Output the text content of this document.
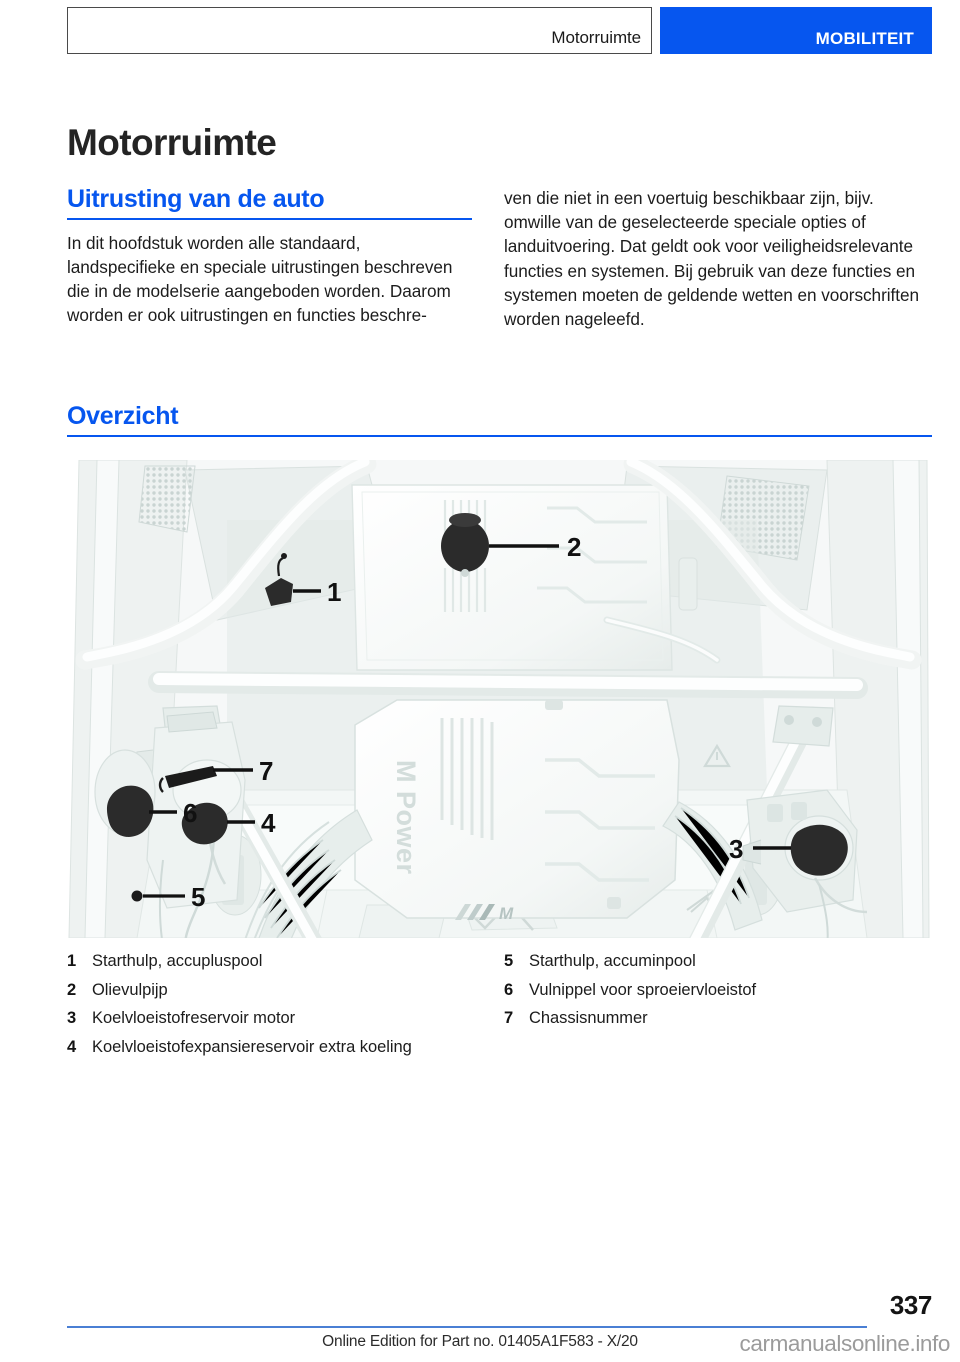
Motorruimte	MOBILITEIT
Motorruimte
Uitrusting van de auto

In dit hoofdstuk worden alle standaard, landspecifieke en speciale uitrustingen beschreven die in de modelserie aangeboden worden. Daarom worden er ook uitrustingen en functies beschre-

ven die niet in een voertuig beschikbaar zijn, bijv. omwille van de geselecteerde speciale opties of landuitvoering. Dat geldt ook voor veiligheidsrelevante functies en systemen. Bij gebruik van deze functies en systemen moeten de geldende wetten en voorschriften worden nageleefd.

Overzicht
M Power
M
2
1
3
4
6
7
5
1 Starthulp, accupluspool
2 Olievulpijp
3 Koelvloeistofreservoir motor
4 Koelvloeistofexpansiereservoir extra koeling
5 Starthulp, accuminpool
6 Vulnippel voor sproeiervloeistof
7 Chassisnummer
337
Online Edition for Part no. 01405A1F583 - X/20	carmanualsonline.info
